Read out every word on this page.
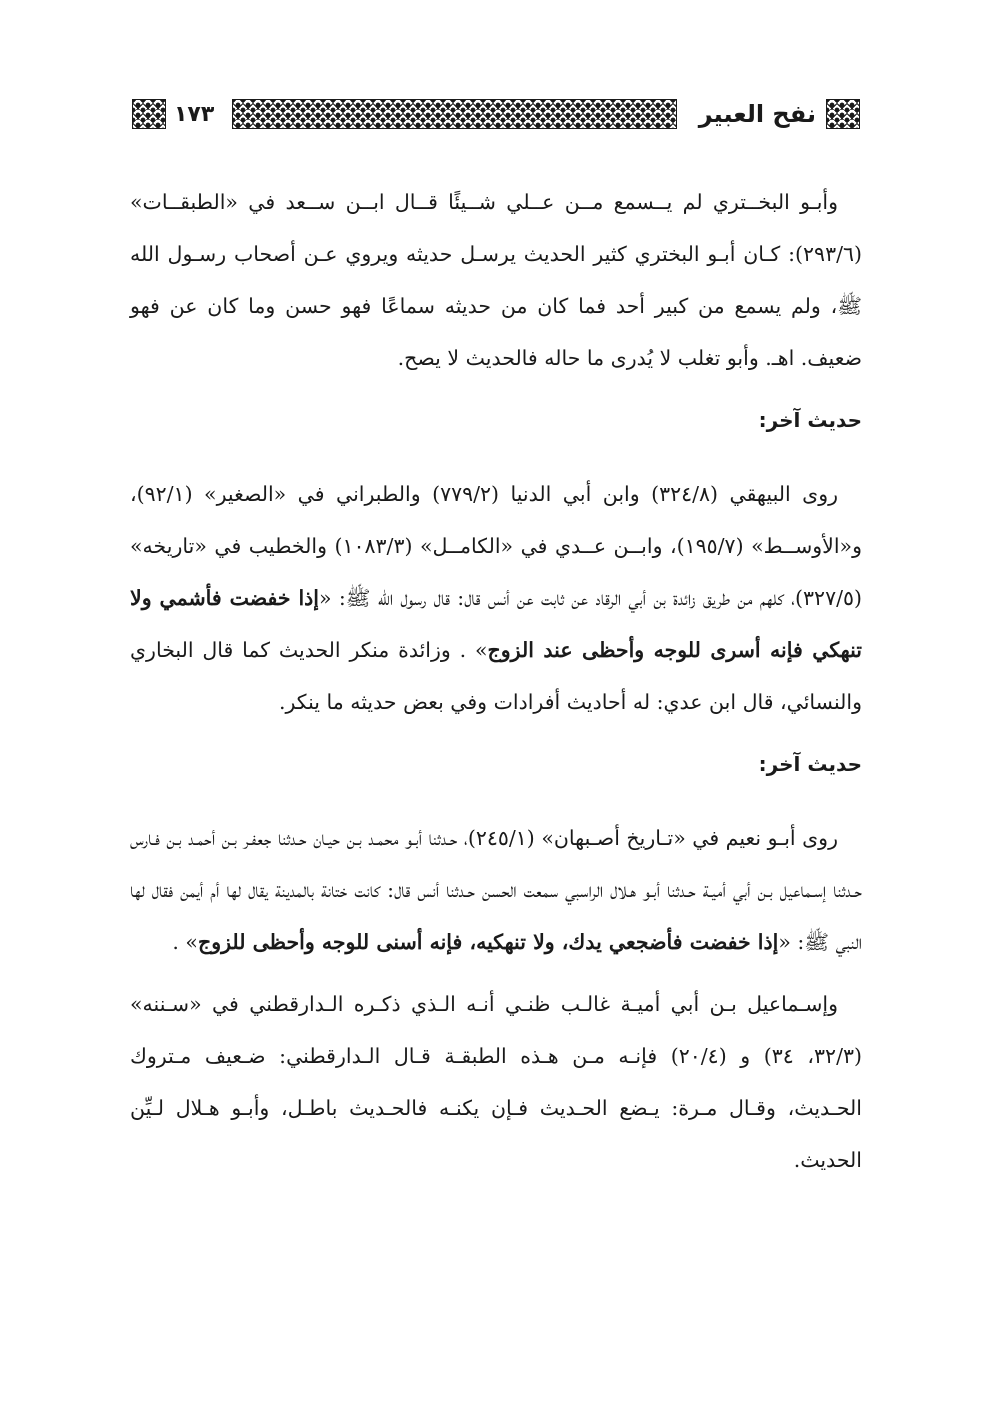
نفح العبير
١٧٣

وأبـو البخــتري لم يــسمع مــن عــلي شــيئًا قــال ابــن ســعد في «الطبقــات» (٢٩٣/٦): كـان أبـو البختري كثير الحديث يرسـل حديثه ويروي عـن أصحاب رسـول الله ﷺ، ولم يسمع من كبير أحد فما كان من حديثه سماعًا فهو حسن وما كان عن فهو ضعيف. اهـ. وأبو تغلب لا يُدرى ما حاله فالحديث لا يصح.

حديث آخر:

روى البيهقي (٣٢٤/٨) وابن أبي الدنيا (٧٧٩/٢) والطبراني في «الصغير» (٩٢/١)، و«الأوســط» (١٩٥/٧)، وابــن عــدي في «الكامــل» (١٠٨٣/٣) والخطيب في «تاريخه» (٣٢٧/٥)، كلهم من طريق زائدة بن أبي الرقاد عن ثابت عن أنس قال: قال رسول الله ﷺ: «إذا خفضت فأشمي ولا تنهكي فإنه أسرى للوجه وأحظى عند الزوج» . وزائدة منكر الحديث كما قال البخاري والنسائي، قال ابن عدي: له أحاديث أفرادات وفي بعض حديثه ما ينكر.

حديث آخر:

روى أبـو نعيم في «تـاريخ أصـبهان» (٢٤٥/١)، حـدثنا أبـو محمـد بـن حيـان حـدثنا جعفـر بـن أحمـد بـن فـارس حـدثنا إسـماعيل بـن أبي أميـة حـدثنا أبـو هـلال الراسبي سمعت الحسن حـدثنا أنس قال: كانت ختانة بالمدينة يقال لها أم أيمن فقال لها النبي ﷺ: «إذا خفضت فأضجعي يدك، ولا تنهكيه، فإنه أسنى للوجه وأحظى للزوج» .

وإسـماعيل بـن أبي أميـة غالـب ظنـي أنـه الـذي ذكـره الـدارقطني في «سـننه» (٣٢/٣، ٣٤) و (٢٠/٤) فإنـه مـن هـذه الطبقـة قـال الـدارقطني: ضـعيف مـتروك الحـديث، وقـال مـرة: يـضع الحـديث فـإن يكنـه فالحـديث باطـل، وأبـو هـلال لـيِّن الحديث.
